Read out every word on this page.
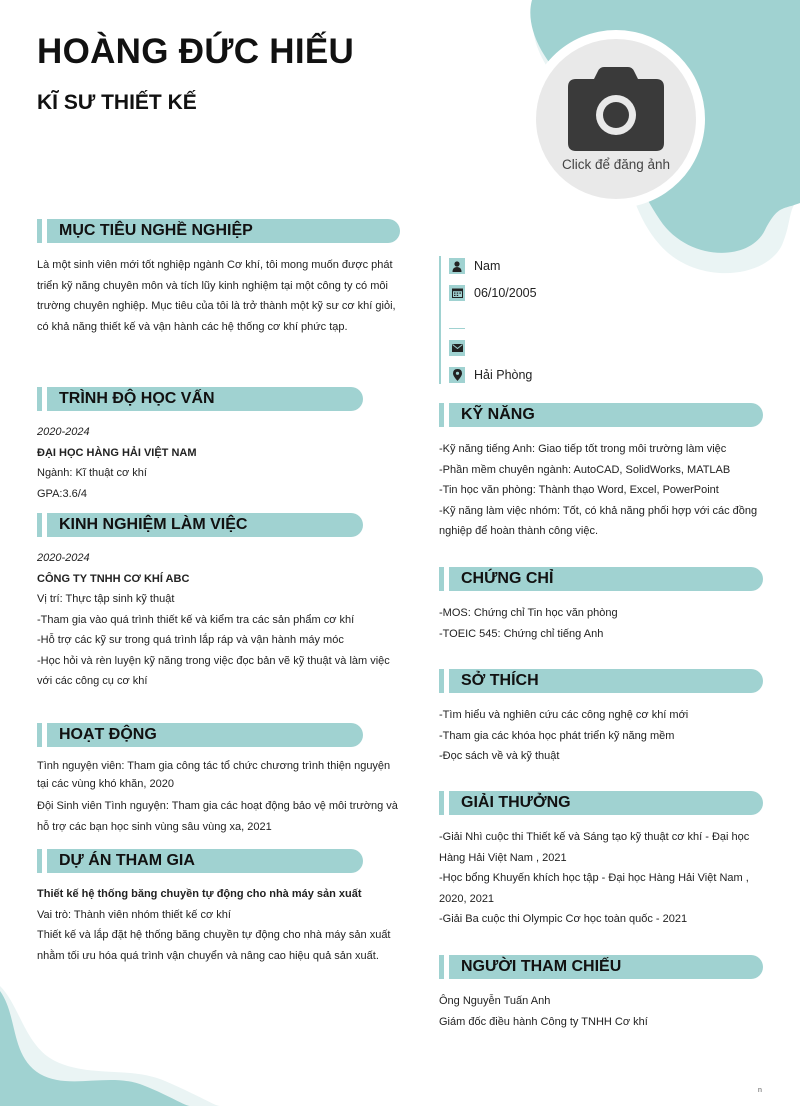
HOÀNG ĐỨC HIẾU
KĨ SƯ THIẾT KẾ
Click để đăng ảnh
MỤC TIÊU NGHỀ NGHIỆP

Là một sinh viên mới tốt nghiệp ngành Cơ khí, tôi mong muốn được phát

triển kỹ năng chuyên môn và tích lũy kinh nghiệm tại một công ty có môi

trường chuyên nghiệp. Mục tiêu của tôi là trở thành một kỹ sư cơ khí giỏi,

có khả năng thiết kế và vận hành các hệ thống cơ khí phức tạp.

TRÌNH ĐỘ HỌC VẤN

2020-2024

ĐẠI HỌC HÀNG HẢI VIỆT NAM

Ngành: Kĩ thuật cơ khí

GPA:3.6/4

KINH NGHIỆM LÀM VIỆC

2020-2024

CÔNG TY TNHH CƠ KHÍ ABC

Vị trí: Thực tập sinh kỹ thuật

-Tham gia vào quá trình thiết kế và kiểm tra các sản phẩm cơ khí

-Hỗ trợ các kỹ sư trong quá trình lắp ráp và vận hành máy móc

-Học hỏi và rèn luyện kỹ năng trong việc đọc bản vẽ kỹ thuật và làm việc

với các công cụ cơ khí

HOẠT ĐỘNG

Tình nguyện viên: Tham gia công tác tổ chức chương trình thiện nguyện

tại các vùng khó khăn, 2020

Đội Sinh viên Tình nguyện: Tham gia các hoạt động bảo vệ môi trường và

hỗ trợ các bạn học sinh vùng sâu vùng xa, 2021

DỰ ÁN THAM GIA

Thiết kế hệ thống băng chuyền tự động cho nhà máy sản xuất

Vai trò: Thành viên nhóm thiết kế cơ khí

Thiết kế và lắp đặt hệ thống băng chuyền tự động cho nhà máy sản xuất

nhằm tối ưu hóa quá trình vận chuyển và nâng cao hiệu quả sản xuất.

Nam
06/10/2005
Hải Phòng
KỸ NĂNG

-Kỹ năng tiếng Anh: Giao tiếp tốt trong môi trường làm việc

-Phần mềm chuyên ngành: AutoCAD, SolidWorks, MATLAB

-Tin học văn phòng: Thành thạo Word, Excel, PowerPoint

-Kỹ năng làm việc nhóm: Tốt, có khả năng phối hợp với các đồng

nghiệp để hoàn thành công việc.

CHỨNG CHỈ

-MOS: Chứng chỉ Tin học văn phòng

-TOEIC 545: Chứng chỉ tiếng Anh

SỞ THÍCH

-Tìm hiểu và nghiên cứu các công nghệ cơ khí mới

-Tham gia các khóa học phát triển kỹ năng mềm

-Đọc sách về và kỹ thuật

GIẢI THƯỞNG

-Giải Nhì cuộc thi Thiết kế và Sáng tạo kỹ thuật cơ khí - Đại học

Hàng Hải Việt Nam , 2021

-Học bổng Khuyến khích học tập - Đại học Hàng Hải Việt Nam ,

2020, 2021

-Giải Ba cuộc thi Olympic Cơ học toàn quốc - 2021

NGƯỜI THAM CHIẾU

Ông Nguyễn Tuấn Anh

Giám đốc điều hành Công ty TNHH Cơ khí

n
